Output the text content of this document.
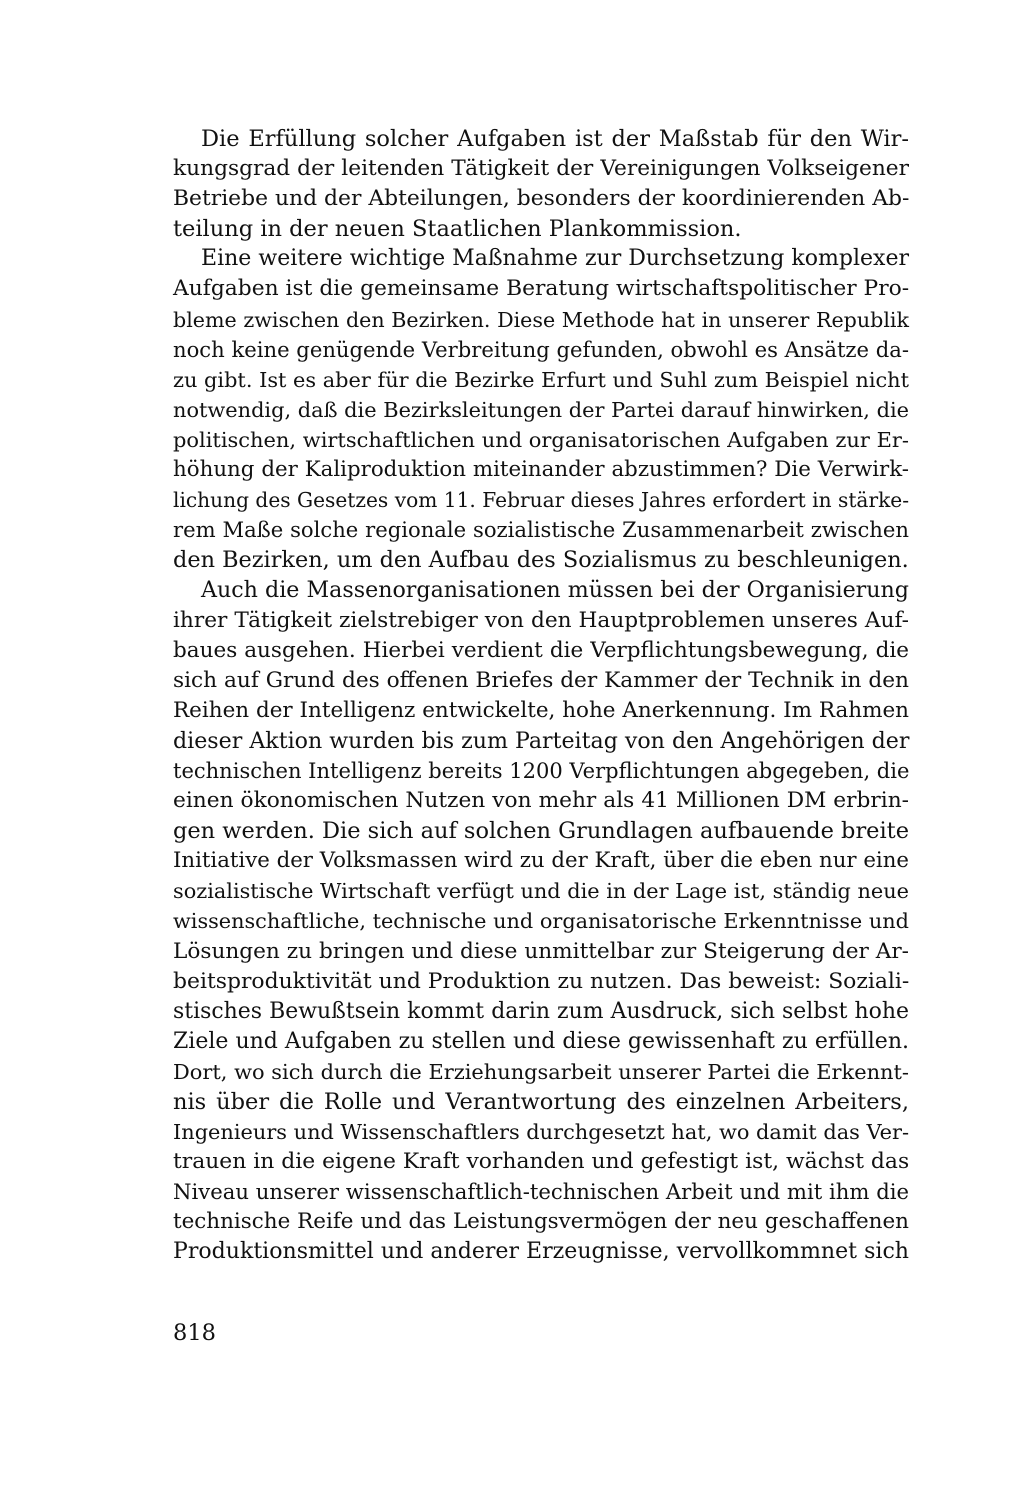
Die Erfüllung solcher Aufgaben ist der Maßstab für den Wir-
kungsgrad der leitenden Tätigkeit der Vereinigungen Volkseigener
Betriebe und der Abteilungen, besonders der koordinierenden Ab-
teilung in der neuen Staatlichen Plankommission.
Eine weitere wichtige Maßnahme zur Durchsetzung komplexer
Aufgaben ist die gemeinsame Beratung wirtschaftspolitischer Pro-
bleme zwischen den Bezirken. Diese Methode hat in unserer Republik
noch keine genügende Verbreitung gefunden, obwohl es Ansätze da-
zu gibt. Ist es aber für die Bezirke Erfurt und Suhl zum Beispiel nicht
notwendig, daß die Bezirksleitungen der Partei darauf hinwirken, die
politischen, wirtschaftlichen und organisatorischen Aufgaben zur Er-
höhung der Kaliproduktion miteinander abzustimmen? Die Verwirk-
lichung des Gesetzes vom 11. Februar dieses Jahres erfordert in stärke-
rem Maße solche regionale sozialistische Zusammenarbeit zwischen
den Bezirken, um den Aufbau des Sozialismus zu beschleunigen.
Auch die Massenorganisationen müssen bei der Organisierung
ihrer Tätigkeit zielstrebiger von den Hauptproblemen unseres Auf-
baues ausgehen. Hierbei verdient die Verpflichtungsbewegung, die
sich auf Grund des offenen Briefes der Kammer der Technik in den
Reihen der Intelligenz entwickelte, hohe Anerkennung. Im Rahmen
dieser Aktion wurden bis zum Parteitag von den Angehörigen der
technischen Intelligenz bereits 1200 Verpflichtungen abgegeben, die
einen ökonomischen Nutzen von mehr als 41 Millionen DM erbrin-
gen werden. Die sich auf solchen Grundlagen aufbauende breite
Initiative der Volksmassen wird zu der Kraft, über die eben nur eine
sozialistische Wirtschaft verfügt und die in der Lage ist, ständig neue
wissenschaftliche, technische und organisatorische Erkenntnisse und
Lösungen zu bringen und diese unmittelbar zur Steigerung der Ar-
beitsproduktivität und Produktion zu nutzen. Das beweist: Soziali-
stisches Bewußtsein kommt darin zum Ausdruck, sich selbst hohe
Ziele und Aufgaben zu stellen und diese gewissenhaft zu erfüllen.
Dort, wo sich durch die Erziehungsarbeit unserer Partei die Erkennt-
nis über die Rolle und Verantwortung des einzelnen Arbeiters,
Ingenieurs und Wissenschaftlers durchgesetzt hat, wo damit das Ver-
trauen in die eigene Kraft vorhanden und gefestigt ist, wächst das
Niveau unserer wissenschaftlich-technischen Arbeit und mit ihm die
technische Reife und das Leistungsvermögen der neu geschaffenen
Produktionsmittel und anderer Erzeugnisse, vervollkommnet sich
818
